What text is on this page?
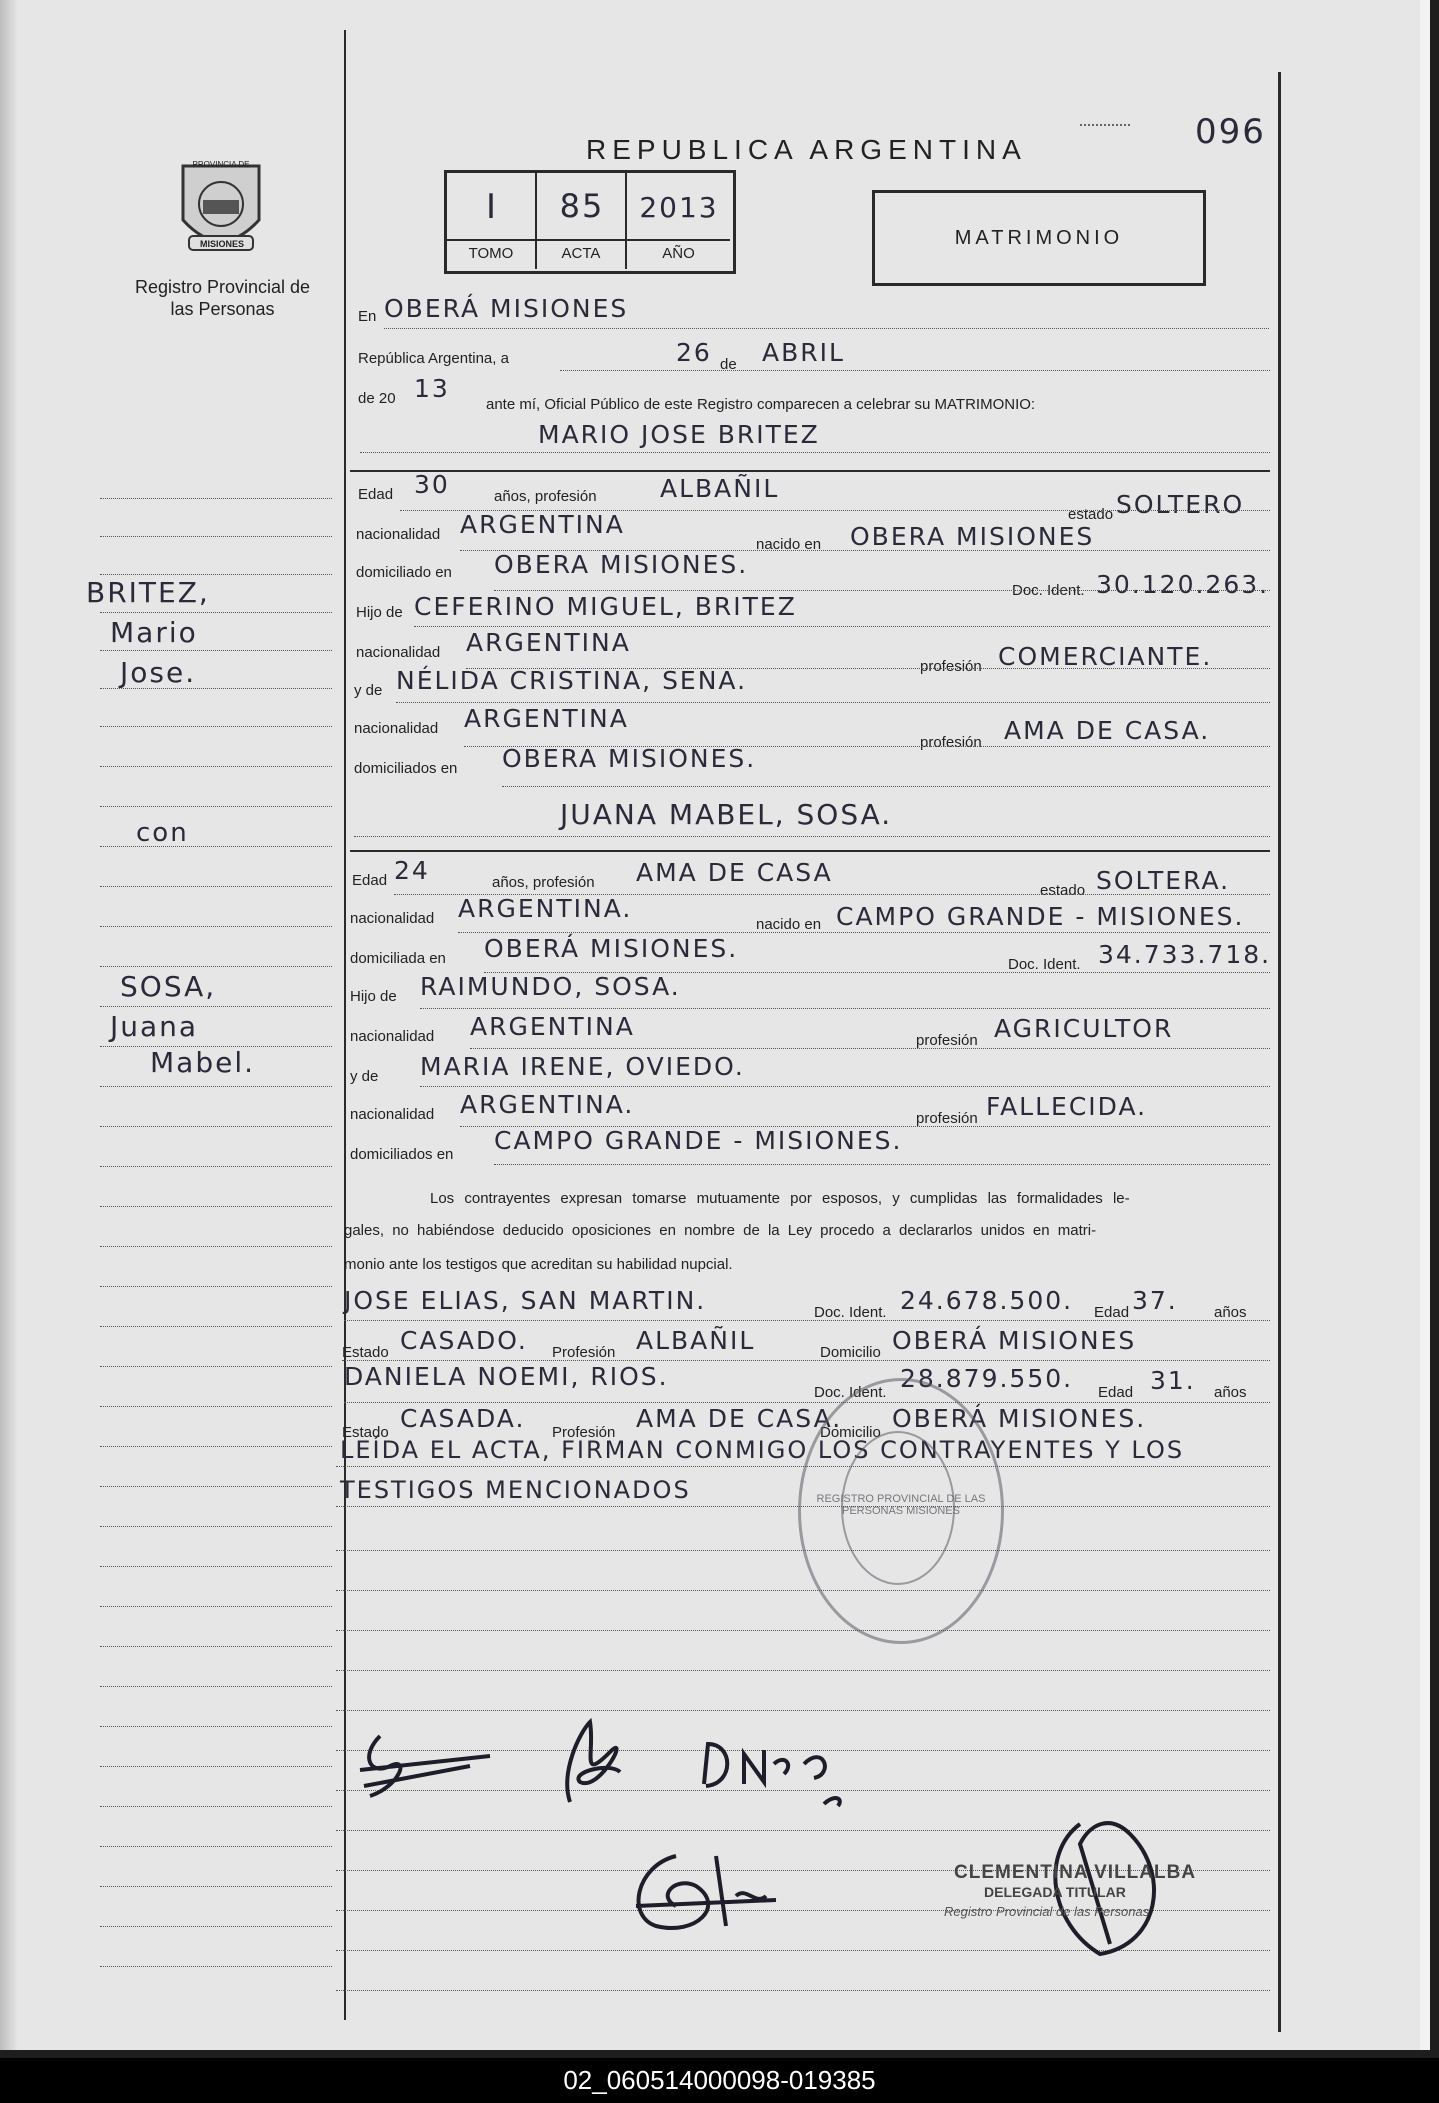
PROVINCIA DE
MISIONES
Registro Provincial de las Personas
REPUBLICA ARGENTINA	096
I	85	2013
TOMO	ACTA	AÑO
MATRIMONIO
En OBERÁ MISIONES
República Argentina, a	26 de ABRIL
de 20 13
ante mí, Oficial Público de este Registro comparecen a celebrar su MATRIMONIO:
MARIO JOSE BRITEZ
Edad 30	años, profesión	ALBAÑIL
estado SOLTERO
nacionalidad ARGENTINA
nacido en OBERA MISIONES
domiciliado en OBERA MISIONES.
Doc. Ident. 30.120.263.
Hijo de CEFERINO MIGUEL, BRITEZ
nacionalidad ARGENTINA
profesión COMERCIANTE.
y de NÉLIDA CRISTINA, SENA.
nacionalidad ARGENTINA
profesión AMA DE CASA.
domiciliados en OBERA MISIONES.
JUANA MABEL, SOSA.
Edad 24	años, profesión AMA DE CASA
estado SOLTERA.
nacionalidad ARGENTINA.
nacido en CAMPO GRANDE - MISIONES.
domiciliada en OBERÁ MISIONES.
Doc. Ident. 34.733.718.
Hijo de RAIMUNDO, SOSA.
nacionalidad ARGENTINA	profesión AGRICULTOR
y de MARIA IRENE, OVIEDO.
nacionalidad ARGENTINA.	profesión FALLECIDA.
domiciliados en CAMPO GRANDE - MISIONES.
Los contrayentes expresan tomarse mutuamente por esposos, y cumplidas las formalidades le-
gales, no habiéndose deducido oposiciones en nombre de la Ley procedo a declararlos unidos en matri-
monio ante los testigos que acreditan su habilidad nupcial.
JOSE ELIAS, SAN MARTIN.	Doc. Ident. 24.678.500. Edad 37. años
Estado CASADO. Profesión ALBAÑIL	Domicilio OBERÁ MISIONES
DANIELA NOEMI, RIOS.
Doc. Ident. 28.879.550. Edad 31. años
Estado CASADA. Profesión AMA DE CASA.
Domicilio OBERÁ MISIONES.
LEÍDA EL ACTA, FIRMAN CONMIGO LOS CONTRAYENTES Y LOS
TESTIGOS MENCIONADOS	REGISTRO PROVINCIAL DE LAS PERSONAS MISIONES
CLEMENTINA VILLALBA
DELEGADA TITULAR
Registro Provincial de las Personas
BRITEZ,
Mario
Jose.
con
SOSA,
Juana
Mabel.
02_060514000098-019385
